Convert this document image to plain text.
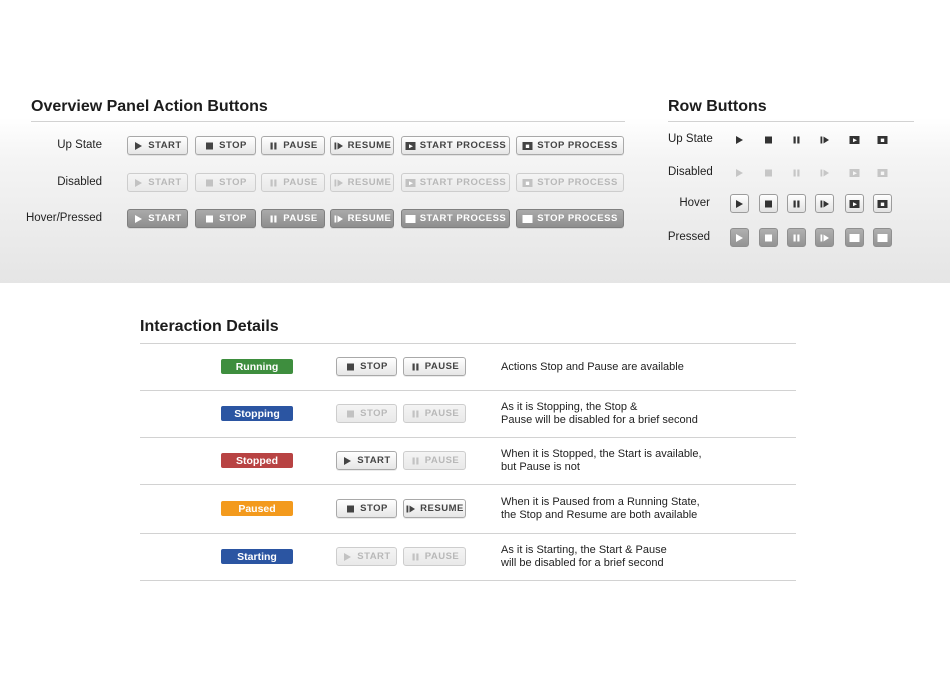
Overview Panel Action Buttons	Row Buttons
Interaction Details
Up State	START	STOP	PAUSE	RESUME	START PROCESS	STOP PROCESS
Disabled	START	STOP	PAUSE	RESUME	START PROCESS	STOP PROCESS
Hover/Pressed	START	STOP	PAUSE	RESUME	START PROCESS	STOP PROCESS
Up State
Disabled
Hover
Pressed
Running	STOP	PAUSE	Actions Stop and Pause are available
Stopping	STOP	PAUSE
As it is Stopping, the Stop &
Pause will be disabled for a brief second
Stopped	START	PAUSE
When it is Stopped, the Start is available,
but Pause is not
Paused	STOP	RESUME
When it is Paused from a Running State,
the Stop and Resume are both available
Starting	START	PAUSE
As it is Starting, the Start & Pause
will be disabled for a brief second
